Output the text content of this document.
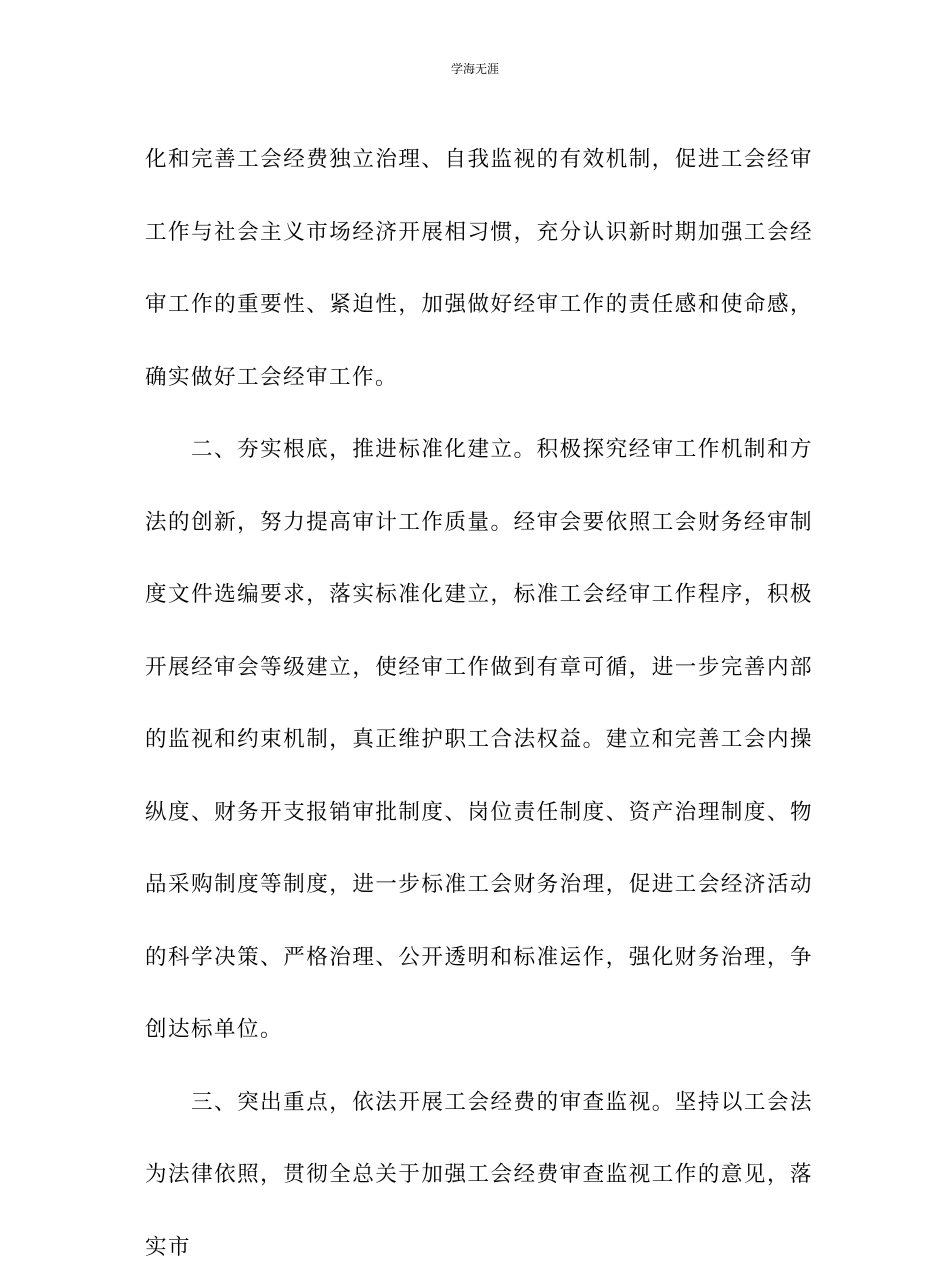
学海无涯

化和完善工会经费独立治理、自我监视的有效机制，促进工会经审工作与社会主义市场经济开展相习惯，充分认识新时期加强工会经审工作的重要性、紧迫性，加强做好经审工作的责任感和使命感，确实做好工会经审工作。

二、夯实根底，推进标准化建立。积极探究经审工作机制和方法的创新，努力提高审计工作质量。经审会要依照工会财务经审制度文件选编要求，落实标准化建立，标准工会经审工作程序，积极开展经审会等级建立，使经审工作做到有章可循，进一步完善内部的监视和约束机制，真正维护职工合法权益。建立和完善工会内操纵度、财务开支报销审批制度、岗位责任制度、资产治理制度、物品采购制度等制度，进一步标准工会财务治理，促进工会经济活动的科学决策、严格治理、公开透明和标准运作，强化财务治理，争创达标单位。

三、突出重点，依法开展工会经费的审查监视。坚持以工会法为法律依照，贯彻全总关于加强工会经费审查监视工作的意见，落实市
